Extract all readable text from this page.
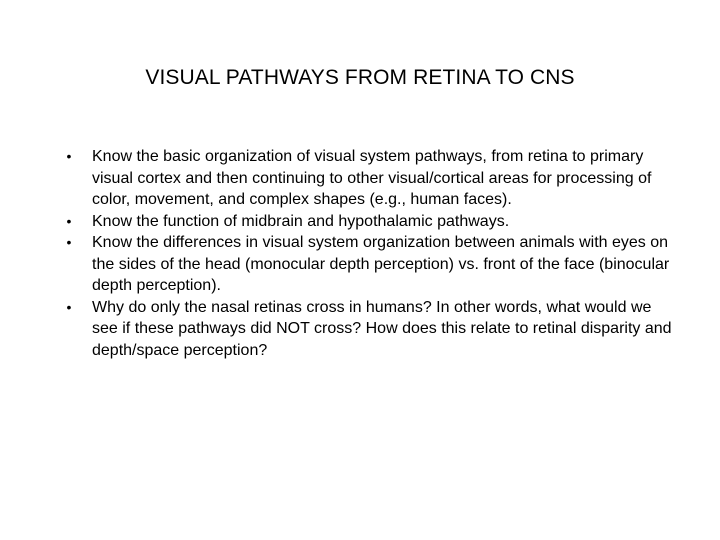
VISUAL PATHWAYS FROM RETINA TO CNS
• Know the basic organization of visual system pathways, from retina to primary visual cortex and then continuing to other visual/cortical areas for processing of color, movement, and complex shapes (e.g., human faces).
• Know the function of midbrain and hypothalamic pathways.
• Know the differences in visual system organization between animals with eyes on the sides of the head (monocular depth perception) vs. front of the face (binocular depth perception).
• Why do only the nasal retinas cross in humans? In other words, what would we see if these pathways did NOT cross? How does this relate to retinal disparity and depth/space perception?
